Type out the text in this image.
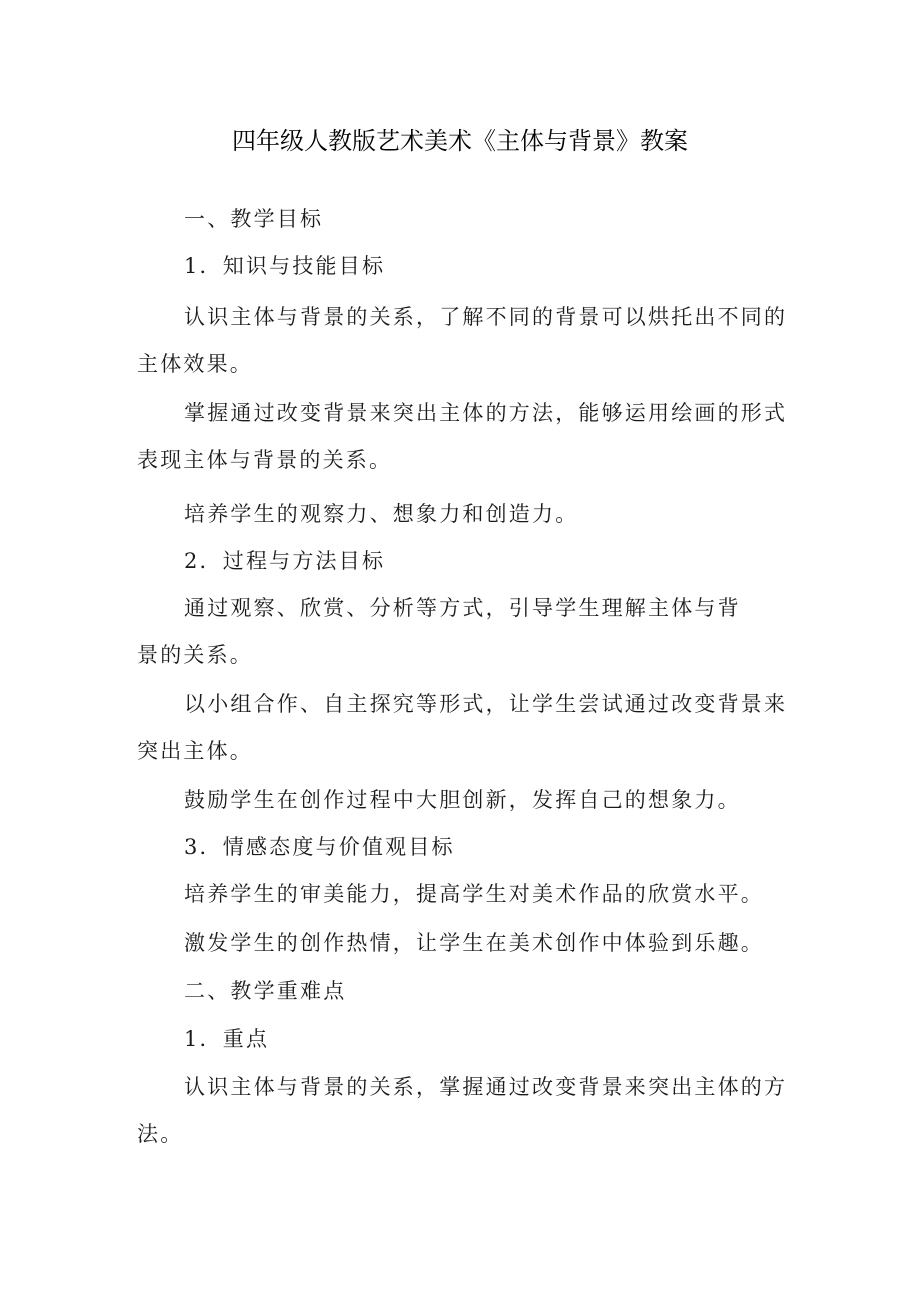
四年级人教版艺术美术《主体与背景》教案
一、教学目标
1．知识与技能目标
认识主体与背景的关系，了解不同的背景可以烘托出不同的
主体效果。
掌握通过改变背景来突出主体的方法，能够运用绘画的形式
表现主体与背景的关系。
培养学生的观察力、想象力和创造力。
2．过程与方法目标
通过观察、欣赏、分析等方式，引导学生理解主体与背
景的关系。
以小组合作、自主探究等形式，让学生尝试通过改变背景来
突出主体。
鼓励学生在创作过程中大胆创新，发挥自己的想象力。
3．情感态度与价值观目标
培养学生的审美能力，提高学生对美术作品的欣赏水平。
激发学生的创作热情，让学生在美术创作中体验到乐趣。
二、教学重难点
1．重点
认识主体与背景的关系，掌握通过改变背景来突出主体的方
法。
